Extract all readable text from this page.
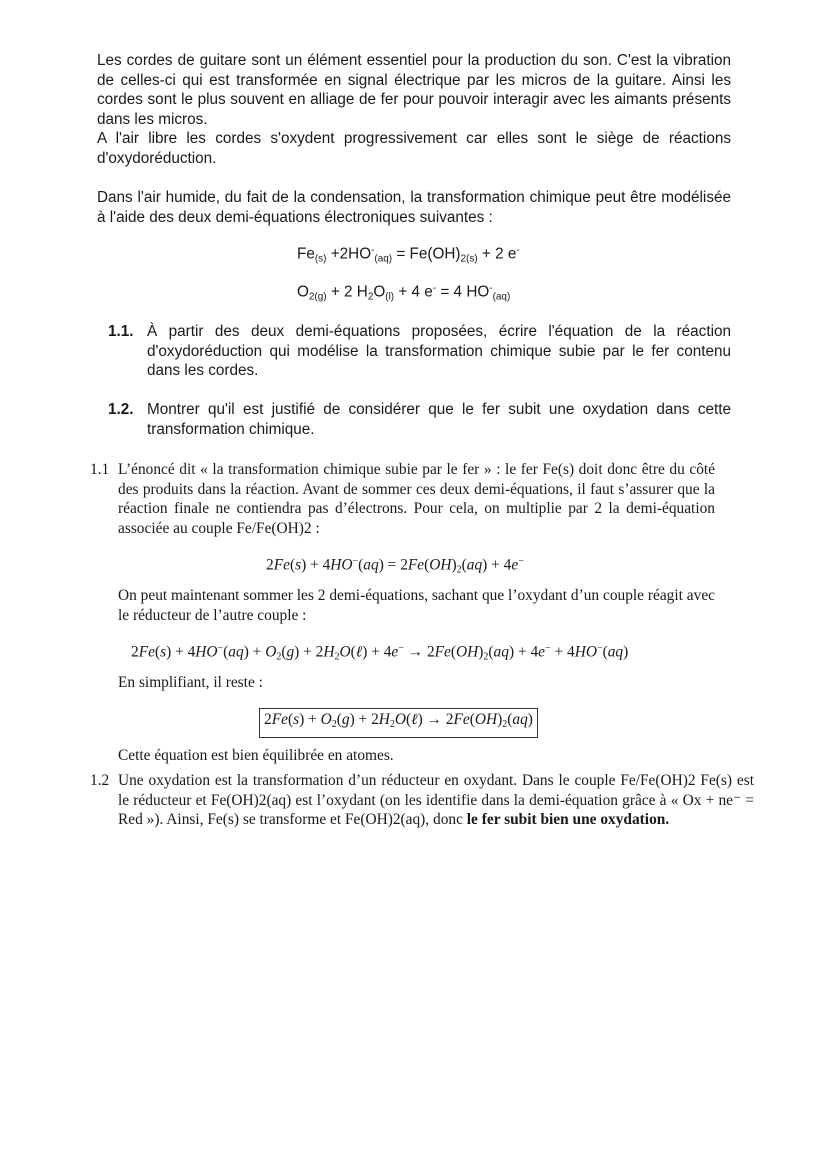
Les cordes de guitare sont un élément essentiel pour la production du son. C'est la vibration de celles-ci qui est transformée en signal électrique par les micros de la guitare. Ainsi les cordes sont le plus souvent en alliage de fer pour pouvoir interagir avec les aimants présents dans les micros.
A l'air libre les cordes s'oxydent progressivement car elles sont le siège de réactions d'oxydoréduction.
Dans l'air humide, du fait de la condensation, la transformation chimique peut être modélisée à l'aide des deux demi-équations électroniques suivantes :
$Fe_{(s)} +2HO^-_{(aq)} = Fe(OH)_{2(s)} + 2$ e-
$O_{2(g)} + 2$ $H_2O_{(l)} + 4$ e- = 4 $HO^-_{(aq)}$
1.1. À partir des deux demi-équations proposées, écrire l'équation de la réaction d'oxydoréduction qui modélise la transformation chimique subie par le fer contenu dans les cordes.
1.2. Montrer qu'il est justifié de considérer que le fer subit une oxydation dans cette transformation chimique.
1.1 L’énoncé dit « la transformation chimique subie par le fer » : le fer Fe(s) doit donc être du côté des produits dans la réaction. Avant de sommer ces deux demi-équations, il faut s’assurer que la réaction finale ne contiendra pas d’électrons. Pour cela, on multiplie par 2 la demi-équation associée au couple Fe/Fe(OH)2 :
$2Fe(s) + 4HO^-(aq) = 2Fe(OH)_2(aq) + 4e^-$
On peut maintenant sommer les 2 demi-équations, sachant que l’oxydant d’un couple réagit avec le réducteur de l’autre couple :
$2Fe(s) + 4HO^-(aq) + O_2(g)$ + $2H_2O(\ell) + 4e^- \to 2Fe(OH)_2(aq) + 4e^- + 4HO^-(aq)$
En simplifiant, il reste :
$2Fe(s) + O_2(g)$ + $2H_2O(\ell) \to 2Fe(OH)_2(aq)$
Cette équation est bien équilibrée en atomes.
1.2 Une oxydation est la transformation d’un réducteur en oxydant. Dans le couple Fe/Fe(OH)2 Fe(s) est le réducteur et Fe(OH)2(aq) est l’oxydant (on les identifie dans la demi-équation grâce à « Ox + ne⁻ = Red »). Ainsi, Fe(s) se transforme et Fe(OH)2(aq), donc le fer subit bien une oxydation.
